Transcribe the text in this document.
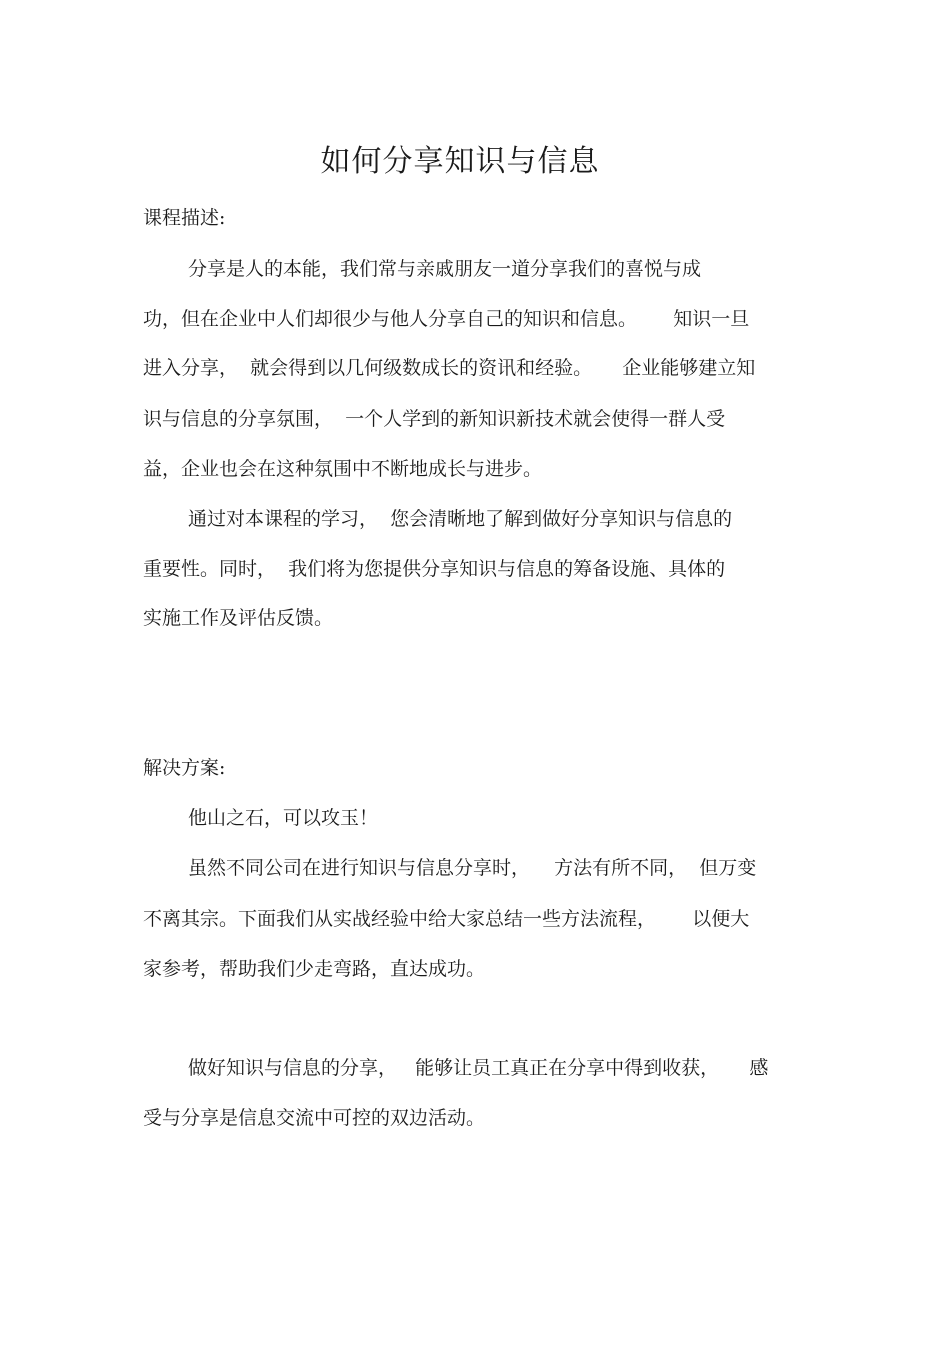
如何分享知识与信息
课程描述:
分享是人的本能，我们常与亲戚朋友一道分享我们的喜悦与成
功，但在企业中人们却很少与他人分享自己的知识和信息。      知识一旦
进入分享，  就会得到以几何级数成长的资讯和经验。     企业能够建立知
识与信息的分享氛围，  一个人学到的新知识新技术就会使得一群人受
益，企业也会在这种氛围中不断地成长与进步。
通过对本课程的学习，  您会清晰地了解到做好分享知识与信息的
重要性。同时，  我们将为您提供分享知识与信息的筹备设施、具体的
实施工作及评估反馈。
解决方案:
他山之石，可以攻玉！
虽然不同公司在进行知识与信息分享时，    方法有所不同，  但万变
不离其宗。下面我们从实战经验中给大家总结一些方法流程，      以便大
家参考，帮助我们少走弯路，直达成功。
做好知识与信息的分享，   能够让员工真正在分享中得到收获，     感
受与分享是信息交流中可控的双边活动。
